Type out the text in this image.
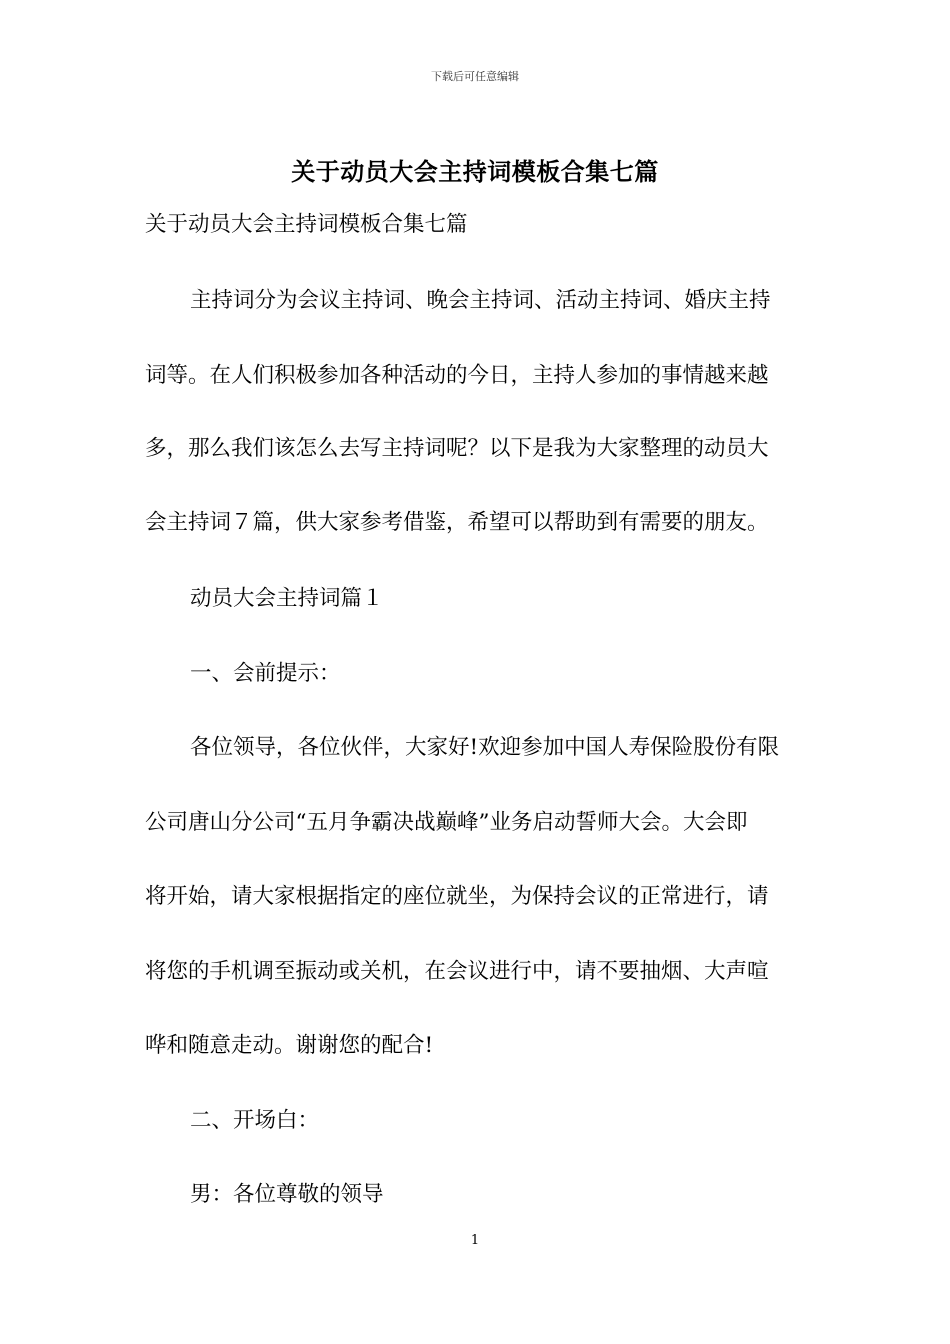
下载后可任意编辑
关于动员大会主持词模板合集七篇
关于动员大会主持词模板合集七篇
主持词分为会议主持词、晚会主持词、活动主持词、婚庆主持
词等。在人们积极参加各种活动的今日，主持人参加的事情越来越
多，那么我们该怎么去写主持词呢？以下是我为大家整理的动员大
会主持词７篇，供大家参考借鉴，希望可以帮助到有需要的朋友。
动员大会主持词篇１
一、会前提示：
各位领导，各位伙伴，大家好!欢迎参加中国人寿保险股份有限
公司唐山分公司“五月争霸决战巅峰”业务启动誓师大会。大会即
将开始，请大家根据指定的座位就坐，为保持会议的正常进行，请
将您的手机调至振动或关机，在会议进行中，请不要抽烟、大声喧
哗和随意走动。谢谢您的配合!
二、开场白：
男：各位尊敬的领导
1
